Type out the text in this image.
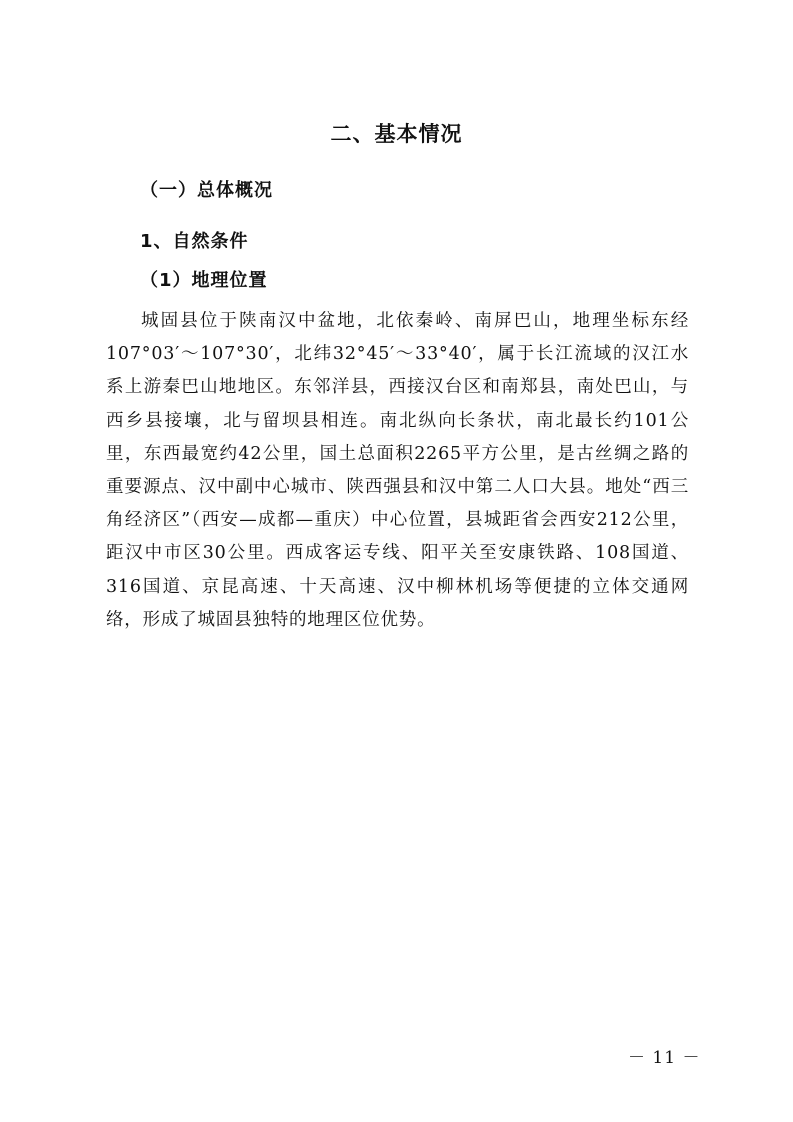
二、基本情况
（一）总体概况
1、自然条件
（1）地理位置

城固县位于陕南汉中盆地，北依秦岭、南屏巴山，地理坐标东经107°03′～107°30′，北纬32°45′～33°40′，属于长江流域的汉江水系上游秦巴山地地区。东邻洋县，西接汉台区和南郑县，南处巴山，与西乡县接壤，北与留坝县相连。南北纵向长条状，南北最长约101公里，东西最宽约42公里，国土总面积2265平方公里，是古丝绸之路的重要源点、汉中副中心城市、陕西强县和汉中第二人口大县。地处“西三角经济区”（西安—成都—重庆）中心位置，县城距省会西安212公里，距汉中市区30公里。西成客运专线、阳平关至安康铁路、108国道、316国道、京昆高速、十天高速、汉中柳林机场等便捷的立体交通网络，形成了城固县独特的地理区位优势。

－ 11 －
